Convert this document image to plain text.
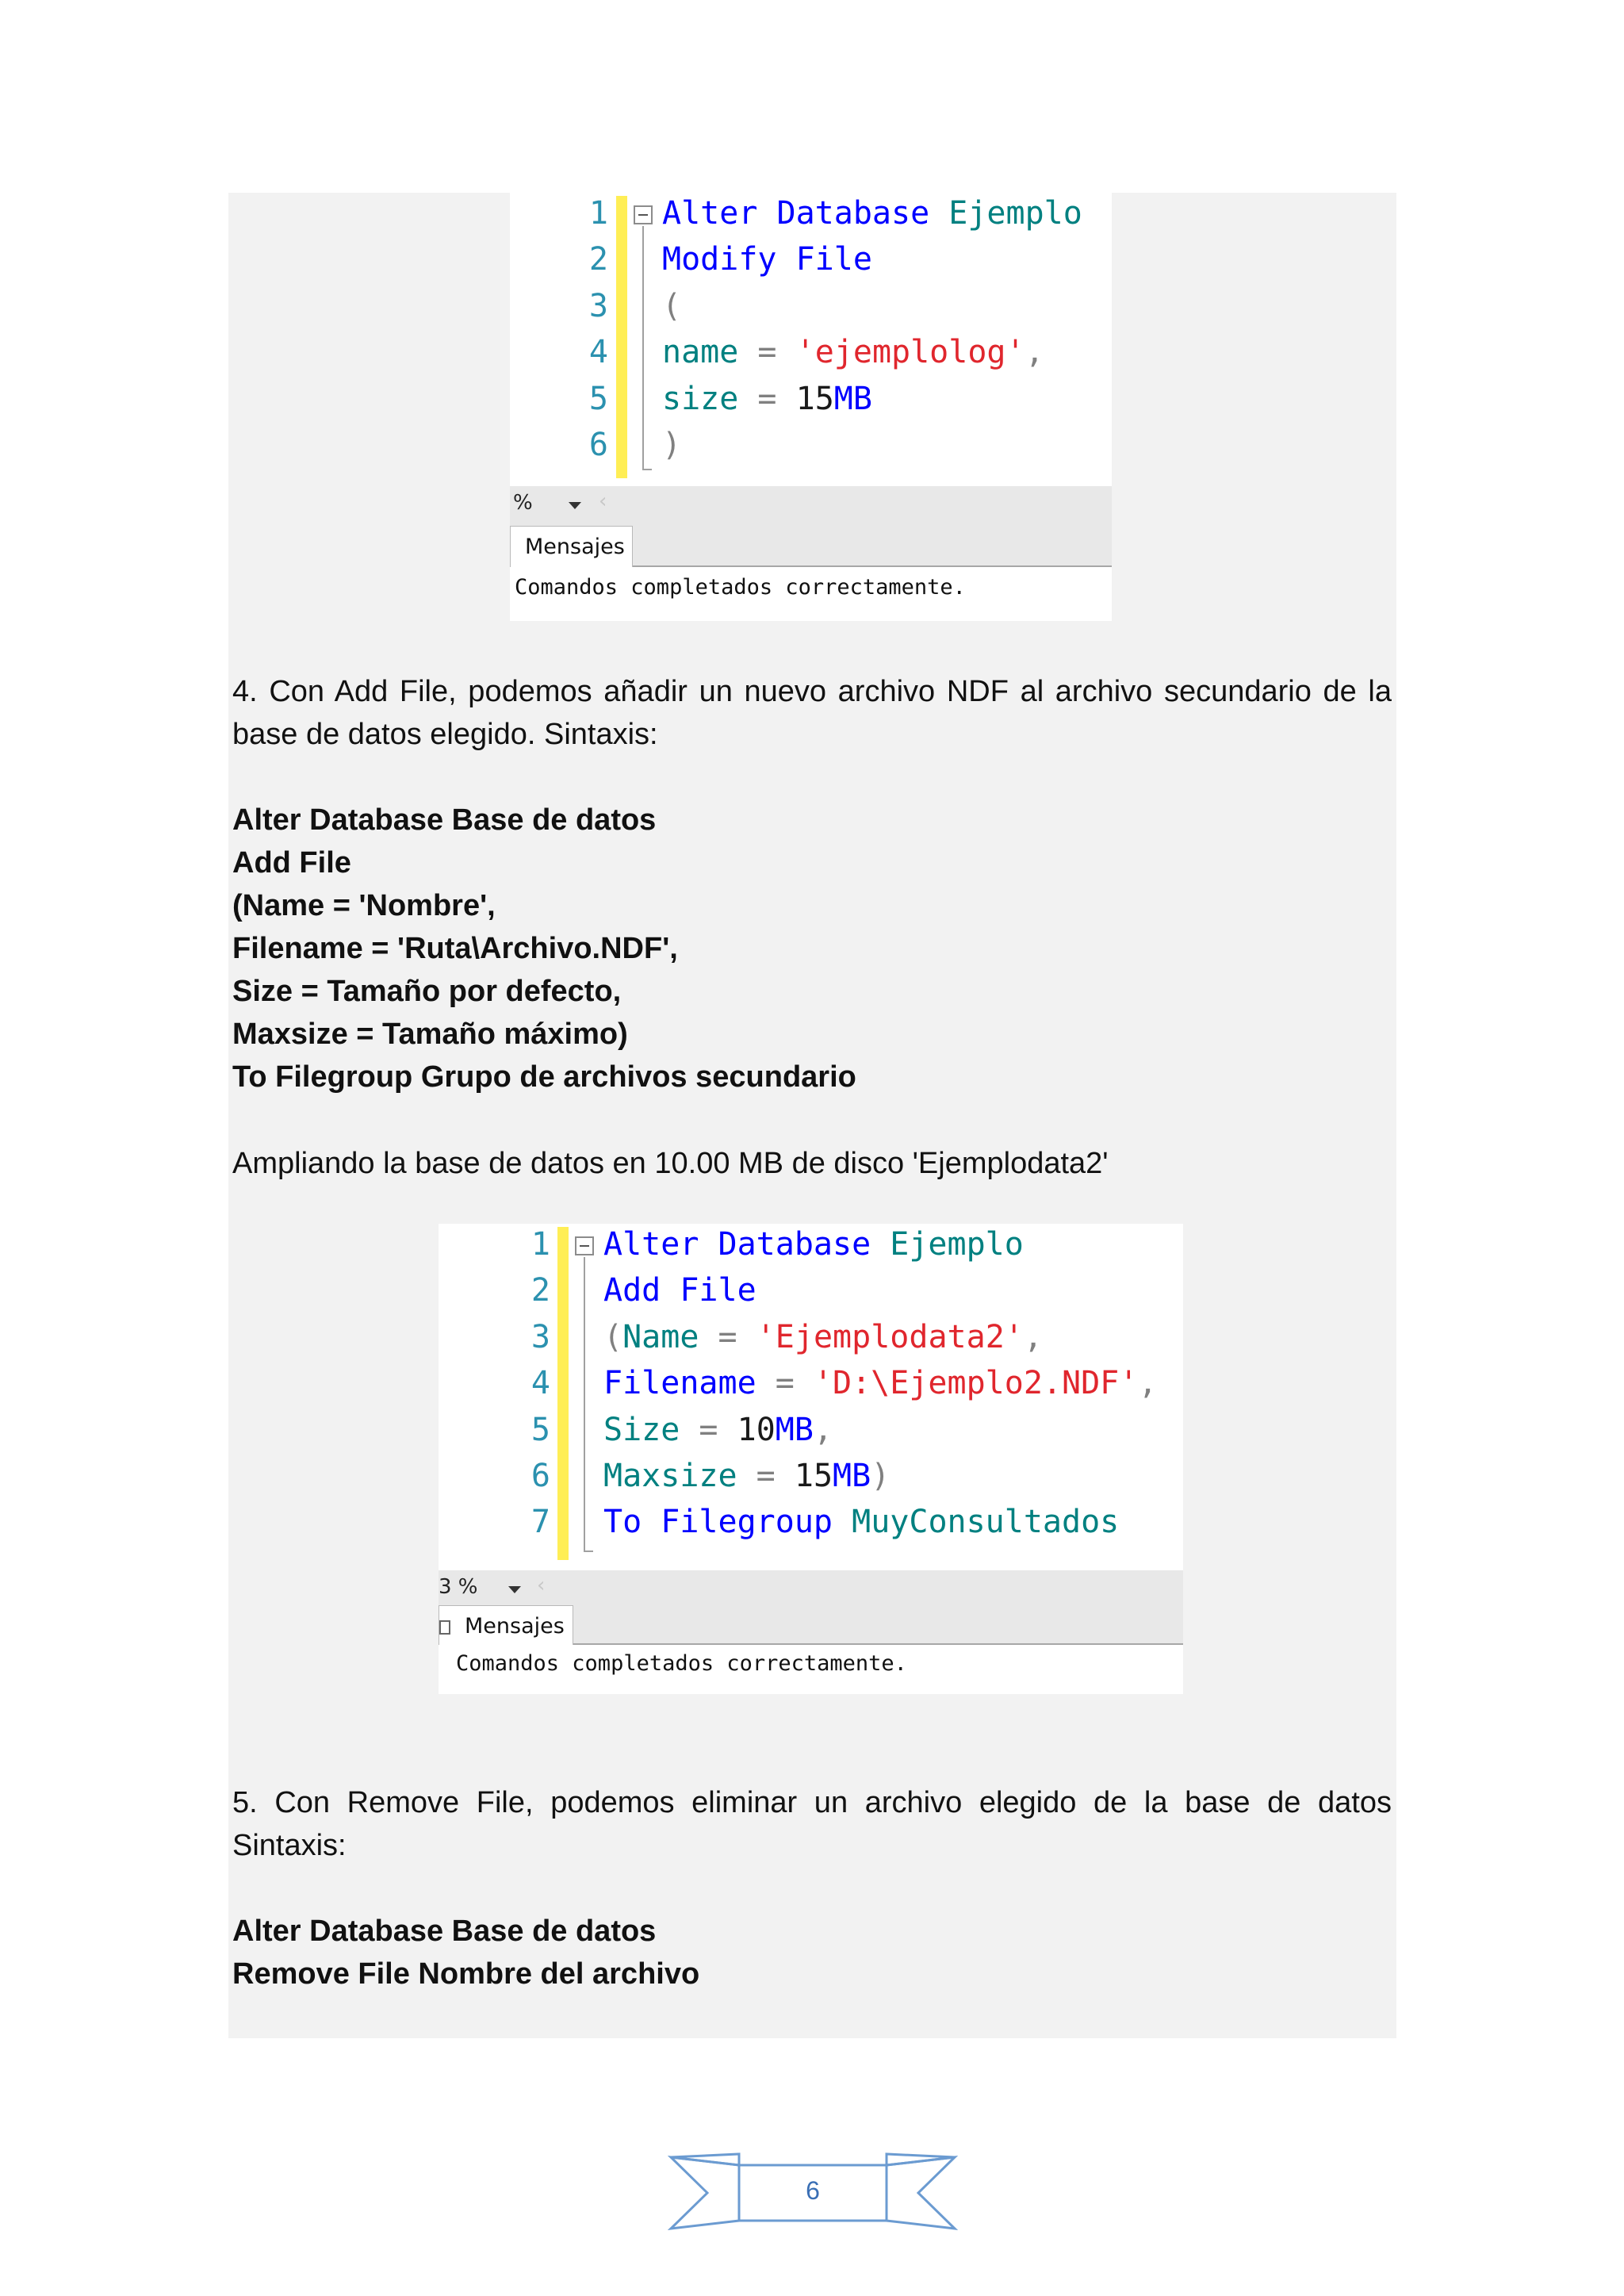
1 Alter Database Ejemplo
2 Modify File
3 (
4 name = 'ejemplolog',
5 size = 15MB
6 )
%	‹
Mensajes

Comandos completados correctamente.

4. Con Add File, podemos añadir un nuevo archivo NDF al archivo secundario de la base de datos elegido. Sintaxis:

Alter Database Base de datos

Add File

(Name = 'Nombre',

Filename = 'Ruta\Archivo.NDF',

Size = Tamaño por defecto,

Maxsize = Tamaño máximo)

To Filegroup Grupo de archivos secundario

Ampliando la base de datos en 10.00 MB de disco 'Ejemplodata2'

1 Alter Database Ejemplo
2 Add File
3 (Name = 'Ejemplodata2',
4 Filename = 'D:\Ejemplo2.NDF',
5 Size = 10MB,
6 Maxsize = 15MB)
7 To Filegroup MuyConsultados
3 %	‹
Mensajes

Comandos completados correctamente.

5. Con Remove File, podemos eliminar un archivo elegido de la base de datos Sintaxis:

Alter Database Base de datos

Remove File Nombre del archivo

6
